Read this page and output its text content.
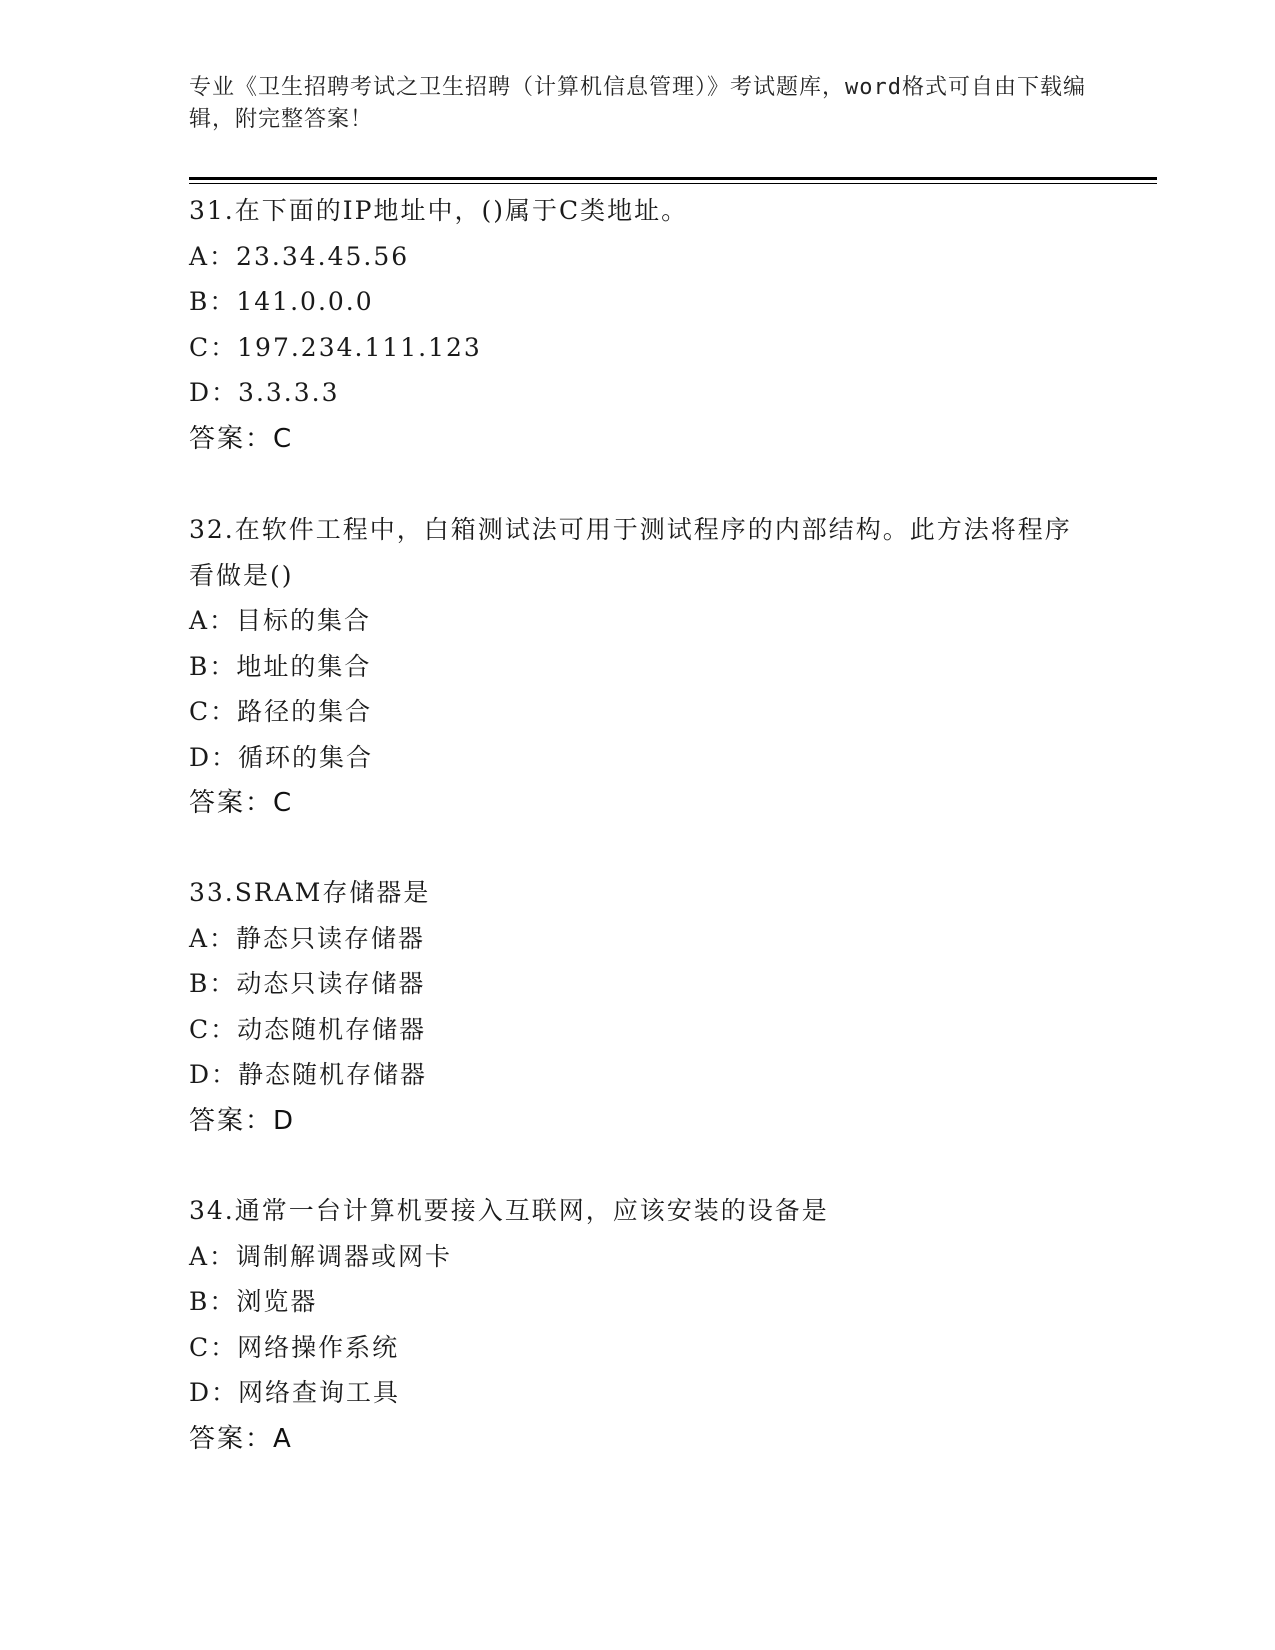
专业《卫生招聘考试之卫生招聘（计算机信息管理）》考试题库，word格式可自由下载编辑，附完整答案！
31.在下面的IP地址中，()属于C类地址。
A：23.34.45.56
B：141.0.0.0
C：197.234.111.123
D：3.3.3.3
答案：C
32.在软件工程中，白箱测试法可用于测试程序的内部结构。此方法将程序看做是()
A：目标的集合
B：地址的集合
C：路径的集合
D：循环的集合
答案：C
33.SRAM存储器是
A：静态只读存储器
B：动态只读存储器
C：动态随机存储器
D：静态随机存储器
答案：D
34.通常一台计算机要接入互联网，应该安装的设备是
A：调制解调器或网卡
B：浏览器
C：网络操作系统
D：网络查询工具
答案：A
